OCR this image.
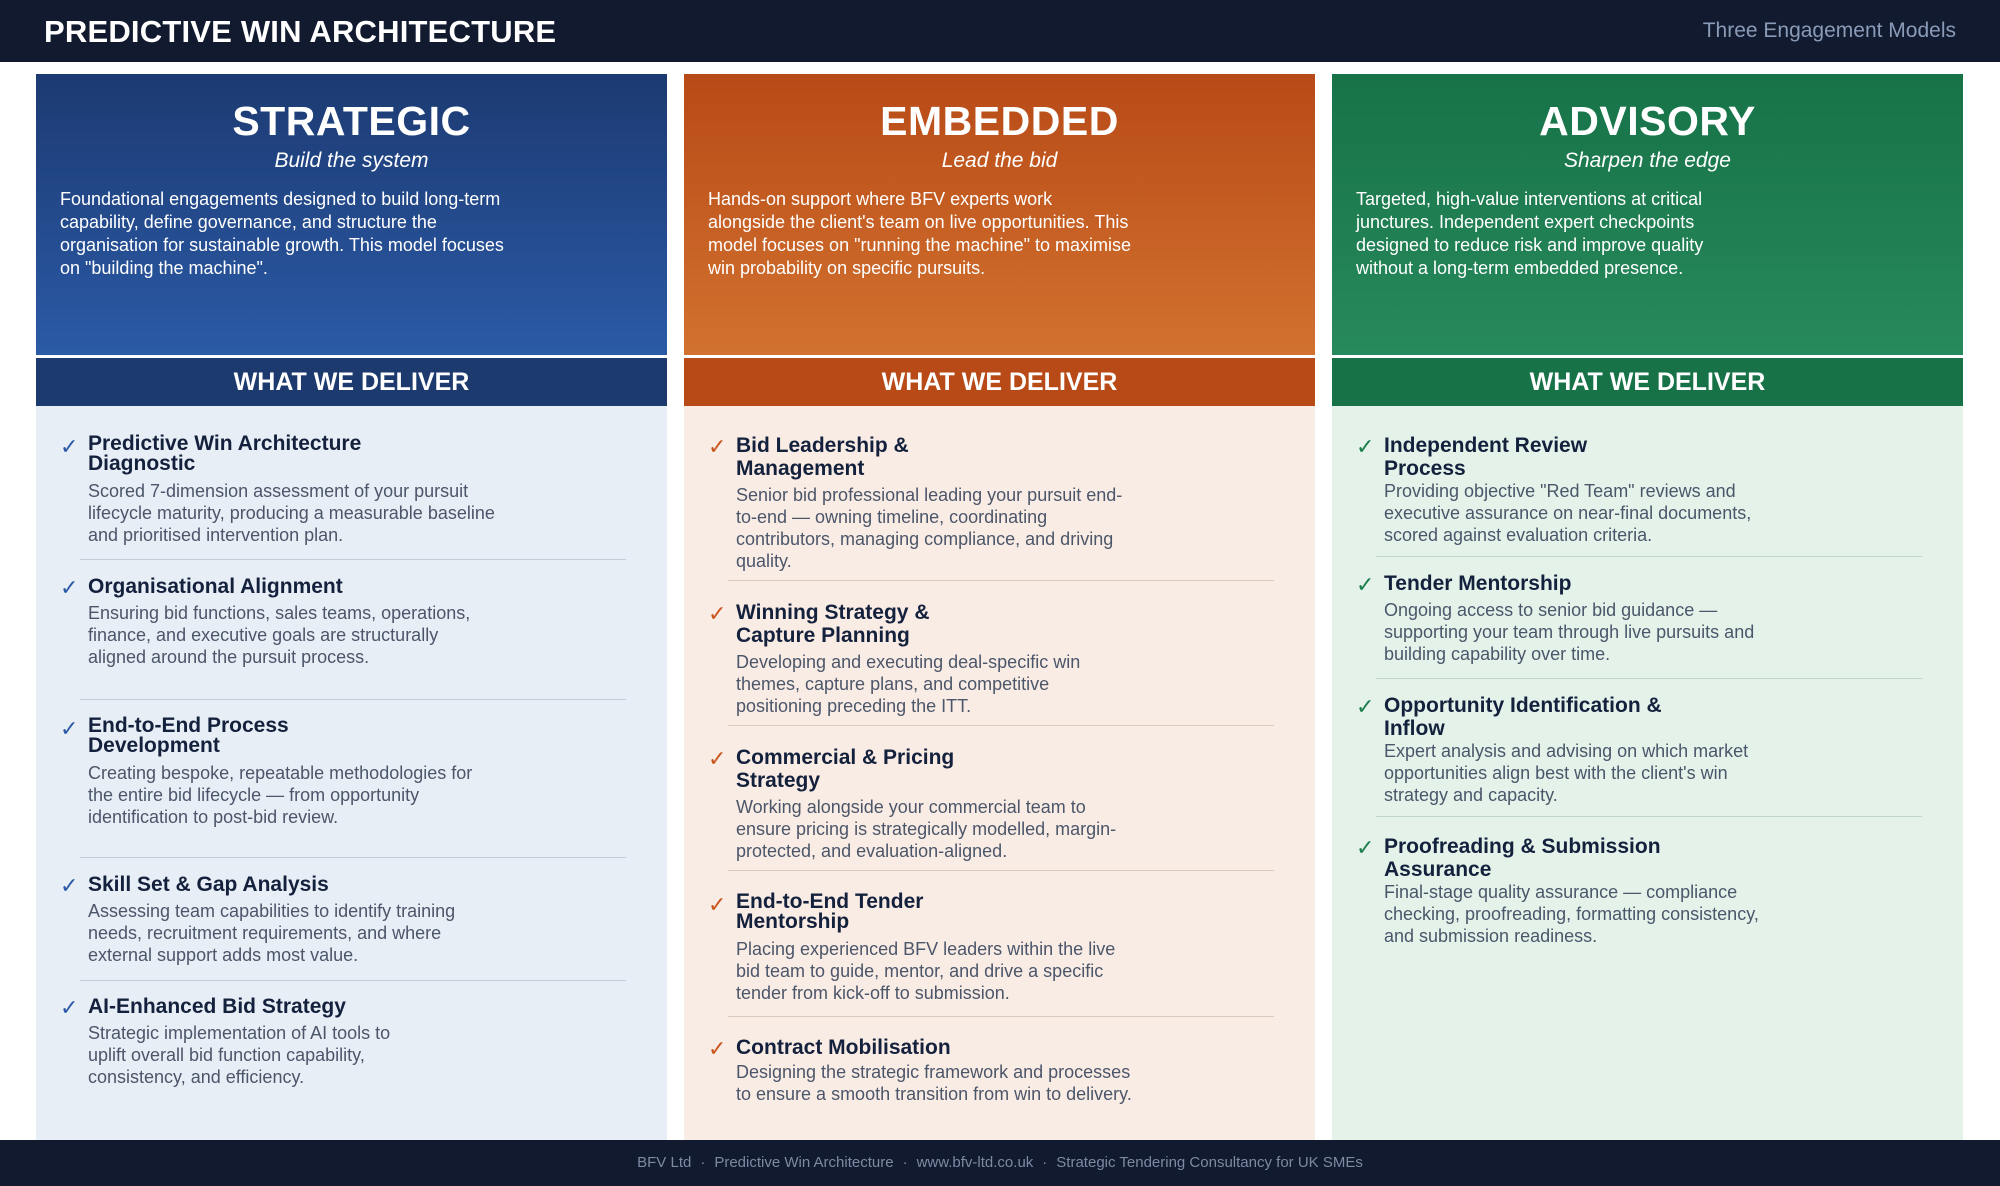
PREDICTIVE WIN ARCHITECTURE	Three Engagement Models
STRATEGIC
Build the system
Foundational engagements designed to build long-term capability, define governance, and structure the organisation for sustainable growth. This model focuses on "building the machine".
WHAT WE DELIVER
✓ Predictive Win Architecture Diagnostic
Scored 7-dimension assessment of your pursuit lifecycle maturity, producing a measurable baseline and prioritised intervention plan.
✓ Organisational Alignment
Ensuring bid functions, sales teams, operations, finance, and executive goals are structurally aligned around the pursuit process.
✓ End-to-End Process Development
Creating bespoke, repeatable methodologies for the entire bid lifecycle — from opportunity identification to post-bid review.
✓ Skill Set & Gap Analysis
Assessing team capabilities to identify training needs, recruitment requirements, and where external support adds most value.
✓ AI-Enhanced Bid Strategy
Strategic implementation of AI tools to uplift overall bid function capability, consistency, and efficiency.
EMBEDDED
Lead the bid
Hands-on support where BFV experts work alongside the client's team on live opportunities. This model focuses on "running the machine" to maximise win probability on specific pursuits.
WHAT WE DELIVER
✓ Bid Leadership & Management
Senior bid professional leading your pursuit end-to-end — owning timeline, coordinating contributors, managing compliance, and driving quality.
✓ Winning Strategy & Capture Planning
Developing and executing deal-specific win themes, capture plans, and competitive positioning preceding the ITT.
✓ Commercial & Pricing Strategy
Working alongside your commercial team to ensure pricing is strategically modelled, margin-protected, and evaluation-aligned.
✓ End-to-End Tender Mentorship
Placing experienced BFV leaders within the live bid team to guide, mentor, and drive a specific tender from kick-off to submission.
✓ Contract Mobilisation
Designing the strategic framework and processes to ensure a smooth transition from win to delivery.
ADVISORY
Sharpen the edge
Targeted, high-value interventions at critical junctures. Independent expert checkpoints designed to reduce risk and improve quality without a long-term embedded presence.
WHAT WE DELIVER
✓ Independent Review Process
Providing objective "Red Team" reviews and executive assurance on near-final documents, scored against evaluation criteria.
✓ Tender Mentorship
Ongoing access to senior bid guidance — supporting your team through live pursuits and building capability over time.
✓ Opportunity Identification & Inflow
Expert analysis and advising on which market opportunities align best with the client's win strategy and capacity.
✓ Proofreading & Submission Assurance
Final-stage quality assurance — compliance checking, proofreading, formatting consistency, and submission readiness.
BFV Ltd · Predictive Win Architecture · www.bfv-ltd.co.uk · Strategic Tendering Consultancy for UK SMEs
